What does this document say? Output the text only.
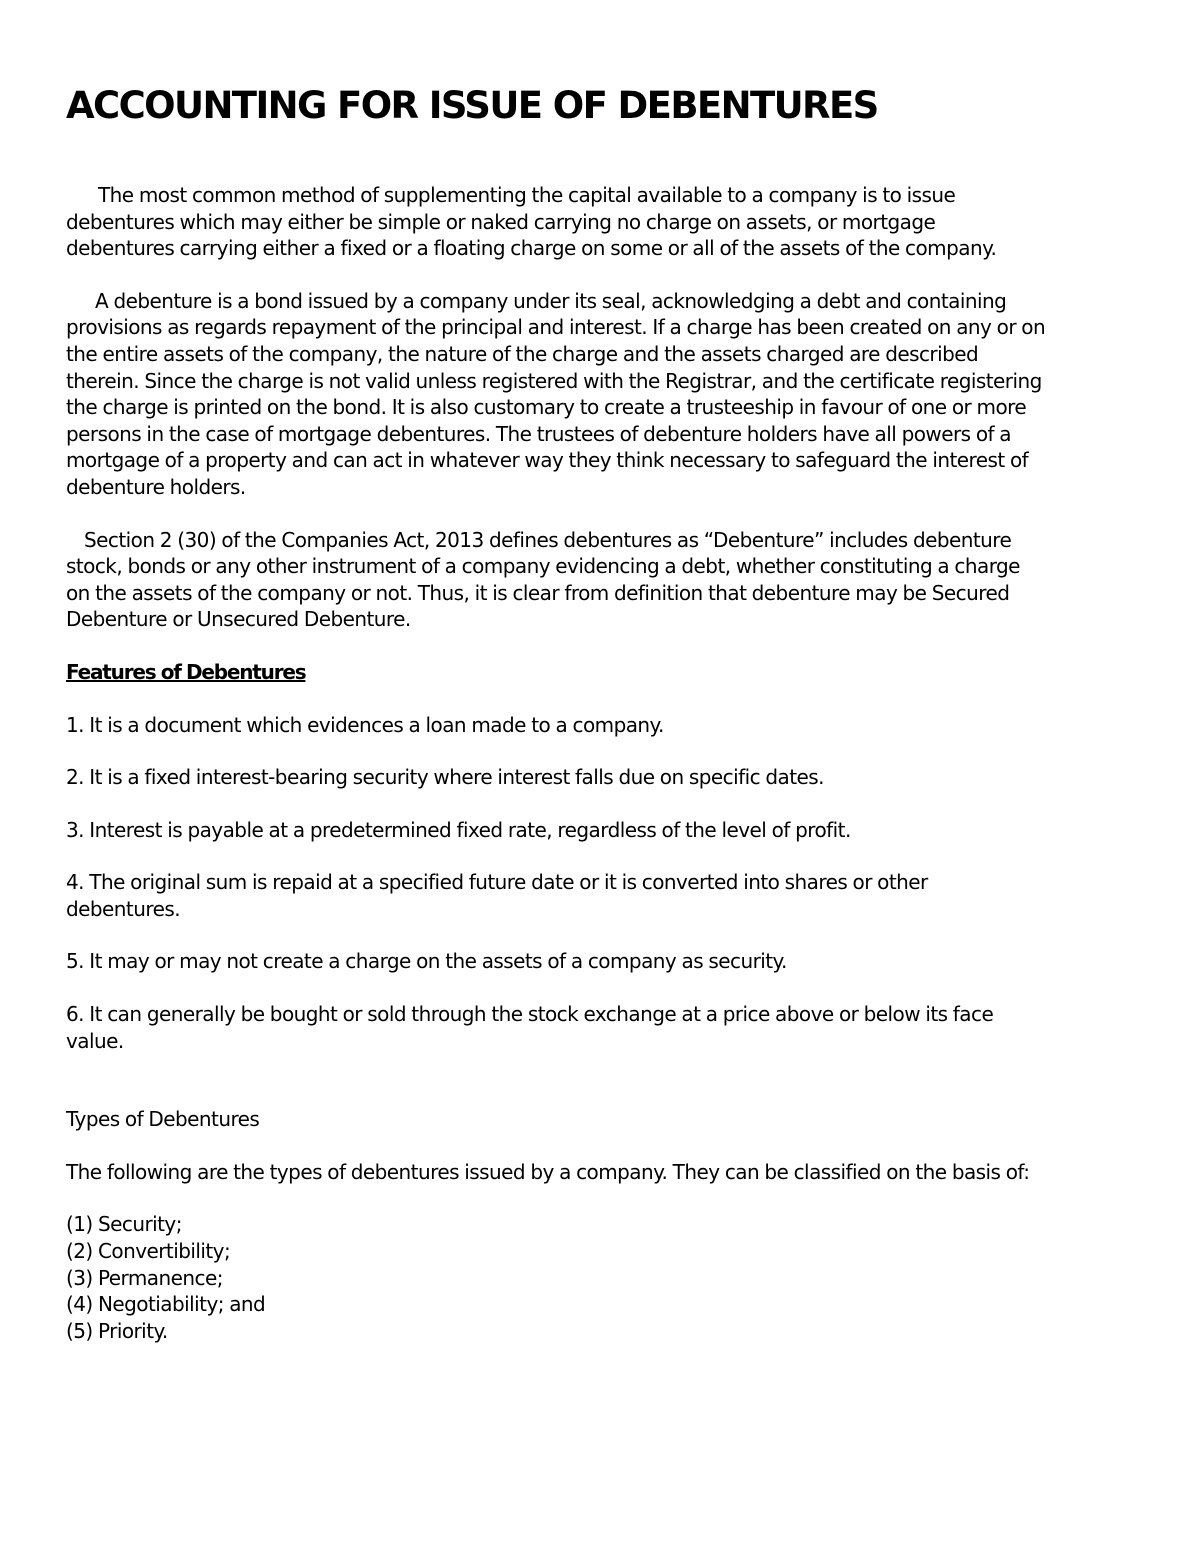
ACCOUNTING FOR ISSUE OF DEBENTURES

The most common method of supplementing the capital available to a company is to issue debentures which may either be simple or naked carrying no charge on assets, or mortgage debentures carrying either a fixed or a floating charge on some or all of the assets of the company.

A debenture is a bond issued by a company under its seal, acknowledging a debt and containing provisions as regards repayment of the principal and interest. If a charge has been created on any or on the entire assets of the company, the nature of the charge and the assets charged are described therein. Since the charge is not valid unless registered with the Registrar, and the certificate registering the charge is printed on the bond. It is also customary to create a trusteeship in favour of one or more persons in the case of mortgage debentures. The trustees of debenture holders have all powers of a mortgage of a property and can act in whatever way they think necessary to safeguard the interest of debenture holders.

Section 2 (30) of the Companies Act, 2013 defines debentures as “Debenture” includes debenture stock, bonds or any other instrument of a company evidencing a debt, whether constituting a charge on the assets of the company or not. Thus, it is clear from definition that debenture may be Secured Debenture or Unsecured Debenture.

Features of Debentures

1. It is a document which evidences a loan made to a company.

2. It is a fixed interest-bearing security where interest falls due on specific dates.

3. Interest is payable at a predetermined fixed rate, regardless of the level of profit.

4. The original sum is repaid at a specified future date or it is converted into shares or other debentures.

5. It may or may not create a charge on the assets of a company as security.

6. It can generally be bought or sold through the stock exchange at a price above or below its face value.

Types of Debentures

The following are the types of debentures issued by a company. They can be classified on the basis of:

(1) Security;
(2) Convertibility;
(3) Permanence;
(4) Negotiability; and
(5) Priority.
